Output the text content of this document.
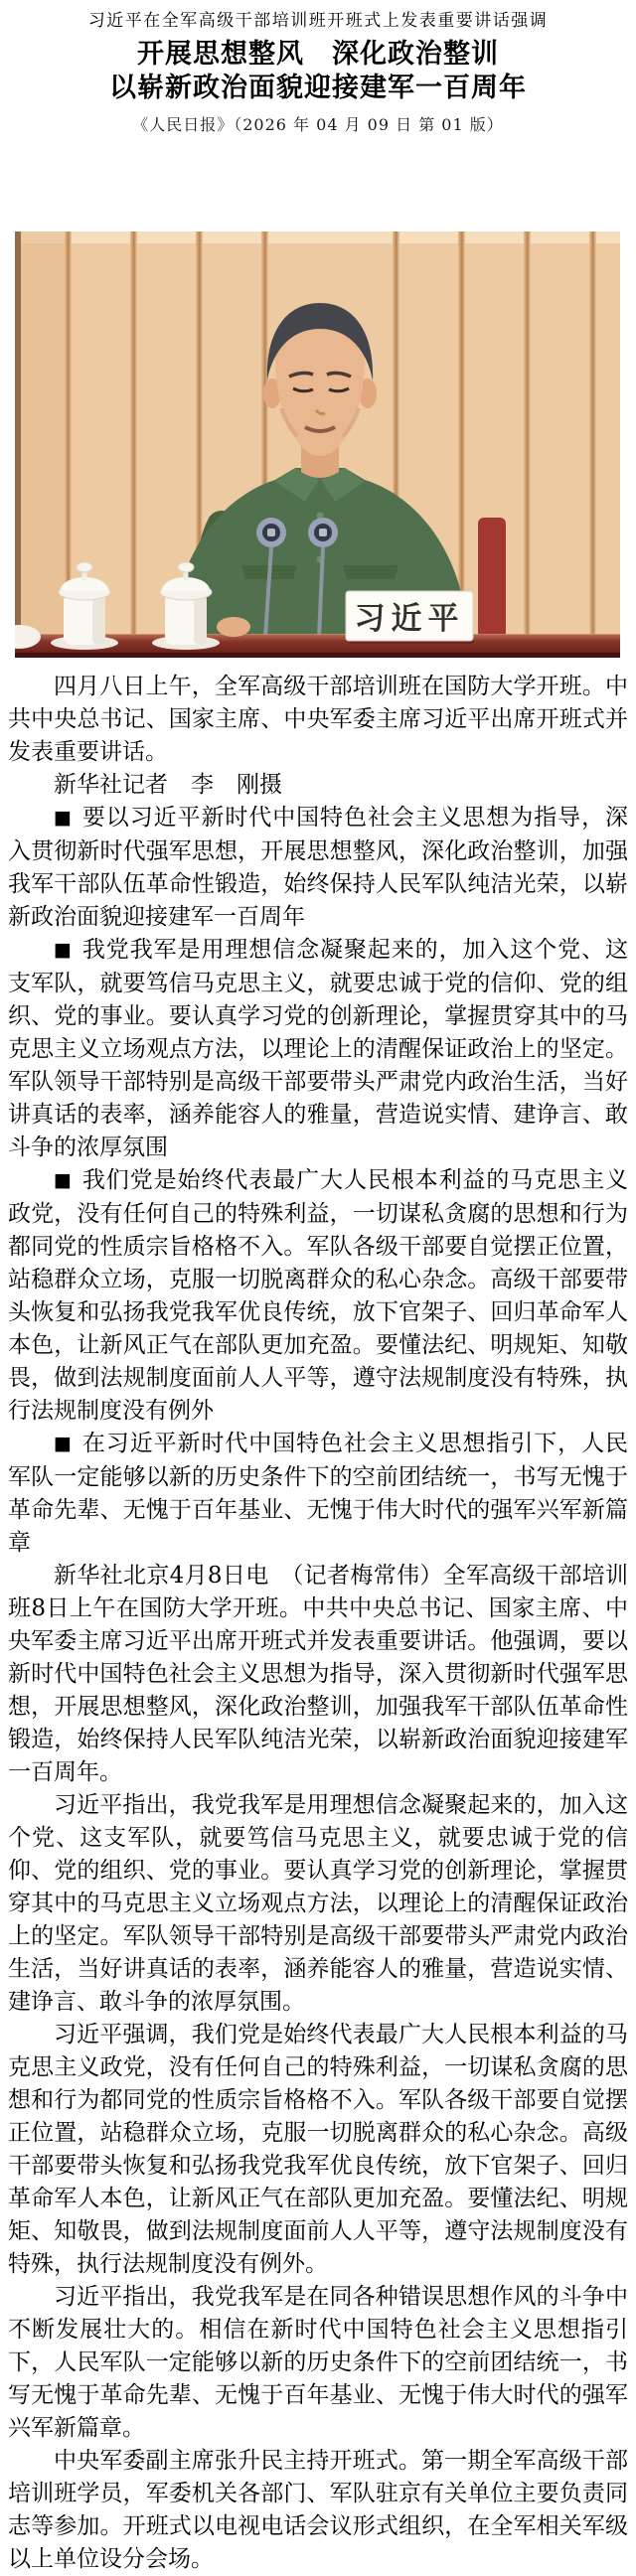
习近平在全军高级干部培训班开班式上发表重要讲话强调
开展思想整风　深化政治整训
以崭新政治面貌迎接建军一百周年
《人民日报》（2026 年 04 月 09 日 第 01 版）
习近平

四月八日上午，全军高级干部培训班在国防大学开班。中共中央总书记、国家主席、中央军委主席习近平出席开班式并发表重要讲话。

新华社记者　李　刚摄

■ 要以习近平新时代中国特色社会主义思想为指导，深入贯彻新时代强军思想，开展思想整风，深化政治整训，加强我军干部队伍革命性锻造，始终保持人民军队纯洁光荣，以崭新政治面貌迎接建军一百周年

■ 我党我军是用理想信念凝聚起来的，加入这个党、这支军队，就要笃信马克思主义，就要忠诚于党的信仰、党的组织、党的事业。要认真学习党的创新理论，掌握贯穿其中的马克思主义立场观点方法，以理论上的清醒保证政治上的坚定。军队领导干部特别是高级干部要带头严肃党内政治生活，当好讲真话的表率，涵养能容人的雅量，营造说实情、建诤言、敢斗争的浓厚氛围

■ 我们党是始终代表最广大人民根本利益的马克思主义政党，没有任何自己的特殊利益，一切谋私贪腐的思想和行为都同党的性质宗旨格格不入。军队各级干部要自觉摆正位置，站稳群众立场，克服一切脱离群众的私心杂念。高级干部要带头恢复和弘扬我党我军优良传统，放下官架子、回归革命军人本色，让新风正气在部队更加充盈。要懂法纪、明规矩、知敬畏，做到法规制度面前人人平等，遵守法规制度没有特殊，执行法规制度没有例外

■ 在习近平新时代中国特色社会主义思想指引下，人民军队一定能够以新的历史条件下的空前团结统一，书写无愧于革命先辈、无愧于百年基业、无愧于伟大时代的强军兴军新篇章

新华社北京4月8日电　（记者梅常伟）全军高级干部培训班8日上午在国防大学开班。中共中央总书记、国家主席、中央军委主席习近平出席开班式并发表重要讲话。他强调，要以新时代中国特色社会主义思想为指导，深入贯彻新时代强军思想，开展思想整风，深化政治整训，加强我军干部队伍革命性锻造，始终保持人民军队纯洁光荣，以崭新政治面貌迎接建军一百周年。

习近平指出，我党我军是用理想信念凝聚起来的，加入这个党、这支军队，就要笃信马克思主义，就要忠诚于党的信仰、党的组织、党的事业。要认真学习党的创新理论，掌握贯穿其中的马克思主义立场观点方法，以理论上的清醒保证政治上的坚定。军队领导干部特别是高级干部要带头严肃党内政治生活，当好讲真话的表率，涵养能容人的雅量，营造说实情、建诤言、敢斗争的浓厚氛围。

习近平强调，我们党是始终代表最广大人民根本利益的马克思主义政党，没有任何自己的特殊利益，一切谋私贪腐的思想和行为都同党的性质宗旨格格不入。军队各级干部要自觉摆正位置，站稳群众立场，克服一切脱离群众的私心杂念。高级干部要带头恢复和弘扬我党我军优良传统，放下官架子、回归革命军人本色，让新风正气在部队更加充盈。要懂法纪、明规矩、知敬畏，做到法规制度面前人人平等，遵守法规制度没有特殊，执行法规制度没有例外。

习近平指出，我党我军是在同各种错误思想作风的斗争中不断发展壮大的。相信在新时代中国特色社会主义思想指引下，人民军队一定能够以新的历史条件下的空前团结统一，书写无愧于革命先辈、无愧于百年基业、无愧于伟大时代的强军兴军新篇章。

中央军委副主席张升民主持开班式。第一期全军高级干部培训班学员，军委机关各部门、军队驻京有关单位主要负责同志等参加。开班式以电视电话会议形式组织，在全军相关军级以上单位设分会场。
